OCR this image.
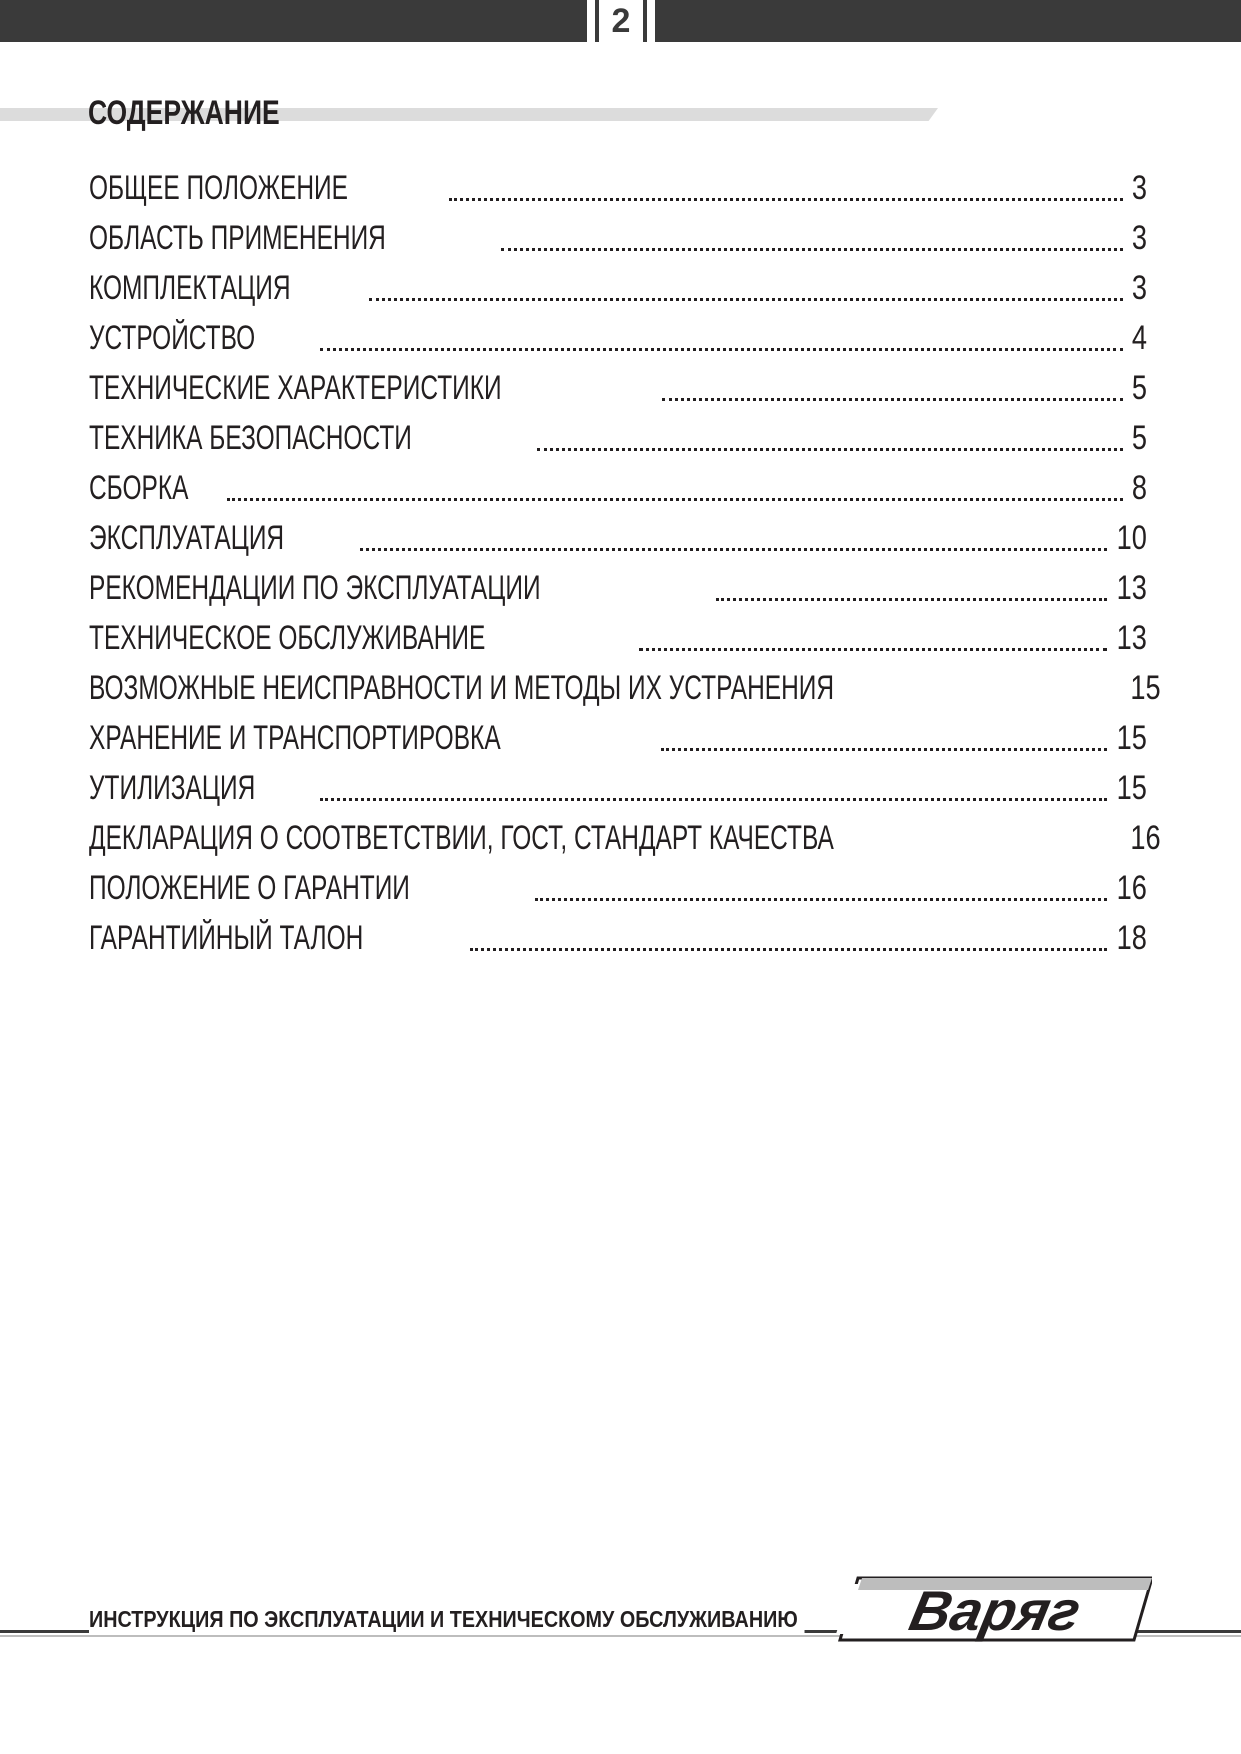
2
СОДЕРЖАНИЕ
ОБЩЕЕ ПОЛОЖЕНИЕ	3
ОБЛАСТЬ ПРИМЕНЕНИЯ	3
КОМПЛЕКТАЦИЯ	3
УСТРОЙСТВО	4
ТЕХНИЧЕСКИЕ ХАРАКТЕРИСТИКИ	5
ТЕХНИКА БЕЗОПАСНОСТИ	5
СБОРКА	8
ЭКСПЛУАТАЦИЯ	10
РЕКОМЕНДАЦИИ ПО ЭКСПЛУАТАЦИИ	13
ТЕХНИЧЕСКОЕ ОБСЛУЖИВАНИЕ	13
ВОЗМОЖНЫЕ НЕИСПРАВНОСТИ И МЕТОДЫ ИХ УСТРАНЕНИЯ	15
ХРАНЕНИЕ И ТРАНСПОРТИРОВКА	15
УТИЛИЗАЦИЯ	15
ДЕКЛАРАЦИЯ О СООТВЕТСТВИИ, ГОСТ, СТАНДАРТ КАЧЕСТВА	16
ПОЛОЖЕНИЕ О ГАРАНТИИ	16
ГАРАНТИЙНЫЙ ТАЛОН	18

ИНСТРУКЦИЯ ПО ЭКСПЛУАТАЦИИ И ТЕХНИЧЕСКОМУ ОБСЛУЖИВАНИЮ Варяг
